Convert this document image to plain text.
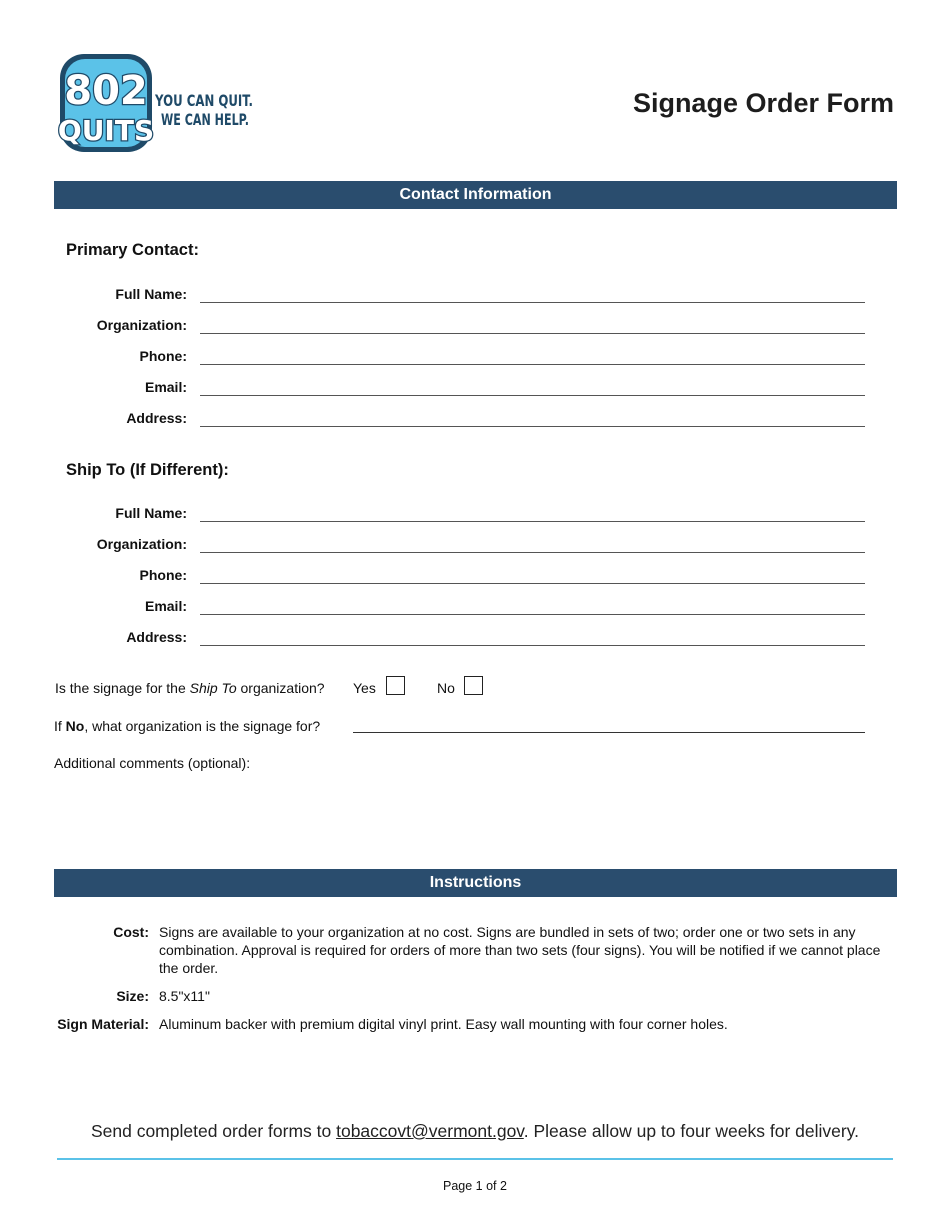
802
QUITS
YOU CAN QUIT.
WE CAN HELP.
Signage Order Form
Contact Information
Primary Contact:
Full Name:
Organization:
Phone:
Email:
Address:
Ship To (If Different):
Full Name:
Organization:
Phone:
Email:
Address:
Is the signage for the Ship To organization? Yes	No
If No, what organization is the signage for?
Additional comments (optional):
Instructions
Cost: Signs are available to your organization at no cost. Signs are bundled in sets of two; order one or two sets in any combination. Approval is required for orders of more than two sets (four signs). You will be notified if we cannot place the order.
Size: 8.5"x11"
Sign Material: Aluminum backer with premium digital vinyl print. Easy wall mounting with four corner holes.
Send completed order forms to tobaccovt@vermont.gov. Please allow up to four weeks for delivery.
Page 1 of 2
